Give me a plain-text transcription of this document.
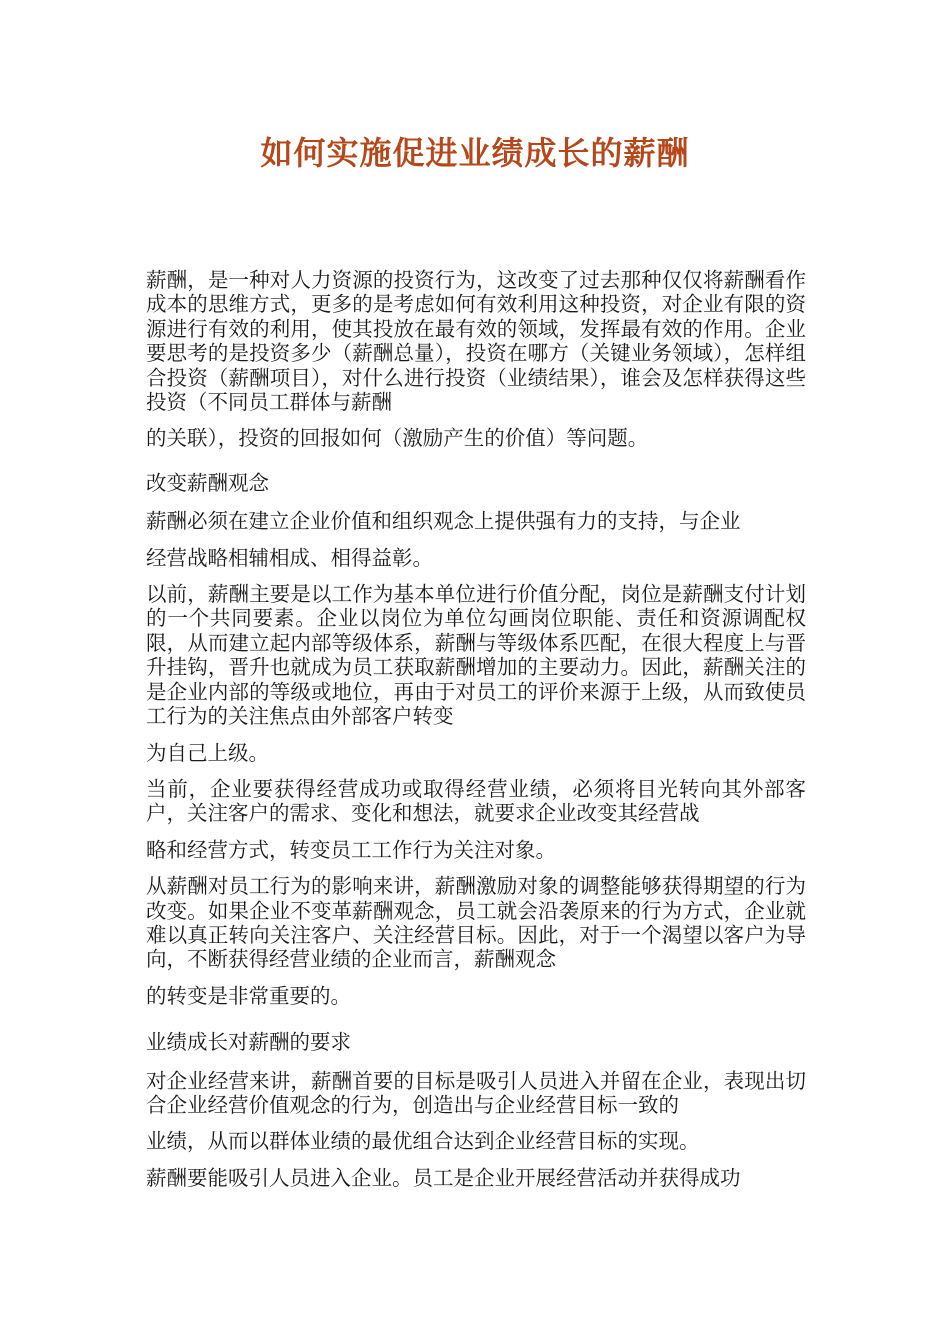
如何实施促进业绩成长的薪酬

薪酬，是一种对人力资源的投资行为，这改变了过去那种仅仅将薪酬看作成本的思维方式，更多的是考虑如何有效利用这种投资，对企业有限的资源进行有效的利用，使其投放在最有效的领域，发挥最有效的作用。企业要思考的是投资多少（薪酬总量），投资在哪方（关键业务领域），怎样组合投资（薪酬项目），对什么进行投资（业绩结果），谁会及怎样获得这些投资（不同员工群体与薪酬
的关联），投资的回报如何（激励产生的价值）等问题。

改变薪酬观念

薪酬必须在建立企业价值和组织观念上提供强有力的支持，与企业
经营战略相辅相成、相得益彰。

以前，薪酬主要是以工作为基本单位进行价值分配，岗位是薪酬支付计划的一个共同要素。企业以岗位为单位勾画岗位职能、责任和资源调配权限，从而建立起内部等级体系，薪酬与等级体系匹配，在很大程度上与晋升挂钩，晋升也就成为员工获取薪酬增加的主要动力。因此，薪酬关注的是企业内部的等级或地位，再由于对员工的评价来源于上级，从而致使员工行为的关注焦点由外部客户转变
为自己上级。

当前，企业要获得经营成功或取得经营业绩，必须将目光转向其外部客户，关注客户的需求、变化和想法，就要求企业改变其经营战
略和经营方式，转变员工工作行为关注对象。

从薪酬对员工行为的影响来讲，薪酬激励对象的调整能够获得期望的行为改变。如果企业不变革薪酬观念，员工就会沿袭原来的行为方式，企业就难以真正转向关注客户、关注经营目标。因此，对于一个渴望以客户为导向，不断获得经营业绩的企业而言，薪酬观念
的转变是非常重要的。

业绩成长对薪酬的要求

对企业经营来讲，薪酬首要的目标是吸引人员进入并留在企业，表现出切合企业经营价值观念的行为，创造出与企业经营目标一致的
业绩，从而以群体业绩的最优组合达到企业经营目标的实现。

薪酬要能吸引人员进入企业。员工是企业开展经营活动并获得成功
